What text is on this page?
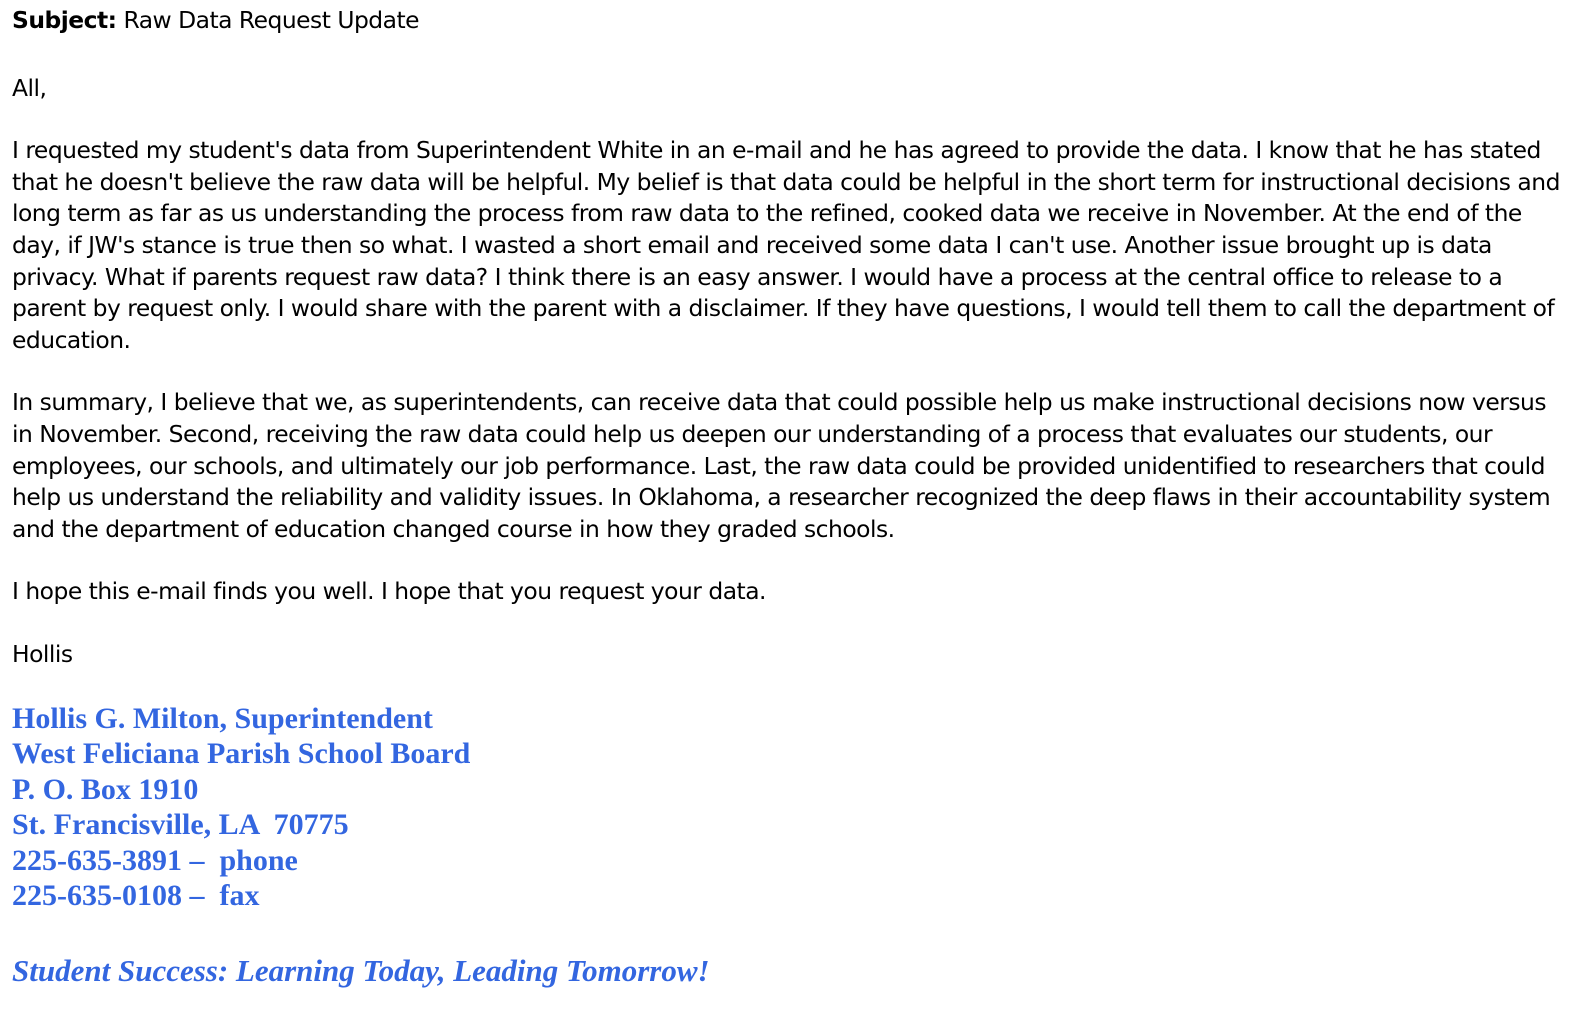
Subject: Raw Data Request Update

All,

I requested my student's data from Superintendent White in an e-mail and he has agreed to provide the data. I know that he has stated that he doesn't believe the raw data will be helpful. My belief is that data could be helpful in the short term for instructional decisions and long term as far as us understanding the process from raw data to the refined, cooked data we receive in November. At the end of the day, if JW's stance is true then so what. I wasted a short email and received some data I can't use. Another issue brought up is data privacy. What if parents request raw data? I think there is an easy answer. I would have a process at the central office to release to a parent by request only. I would share with the parent with a disclaimer. If they have questions, I would tell them to call the department of education.

In summary, I believe that we, as superintendents, can receive data that could possible help us make instructional decisions now versus in November. Second, receiving the raw data could help us deepen our understanding of a process that evaluates our students, our employees, our schools, and ultimately our job performance. Last, the raw data could be provided unidentified to researchers that could help us understand the reliability and validity issues. In Oklahoma, a researcher recognized the deep flaws in their accountability system and the department of education changed course in how they graded schools.

I hope this e-mail finds you well. I hope that you request your data.

Hollis

Hollis G. Milton, Superintendent
West Feliciana Parish School Board
P. O. Box 1910
St. Francisville, LA  70775
225-635-3891 –  phone
225-635-0108 –  fax

Student Success: Learning Today, Leading Tomorrow!
